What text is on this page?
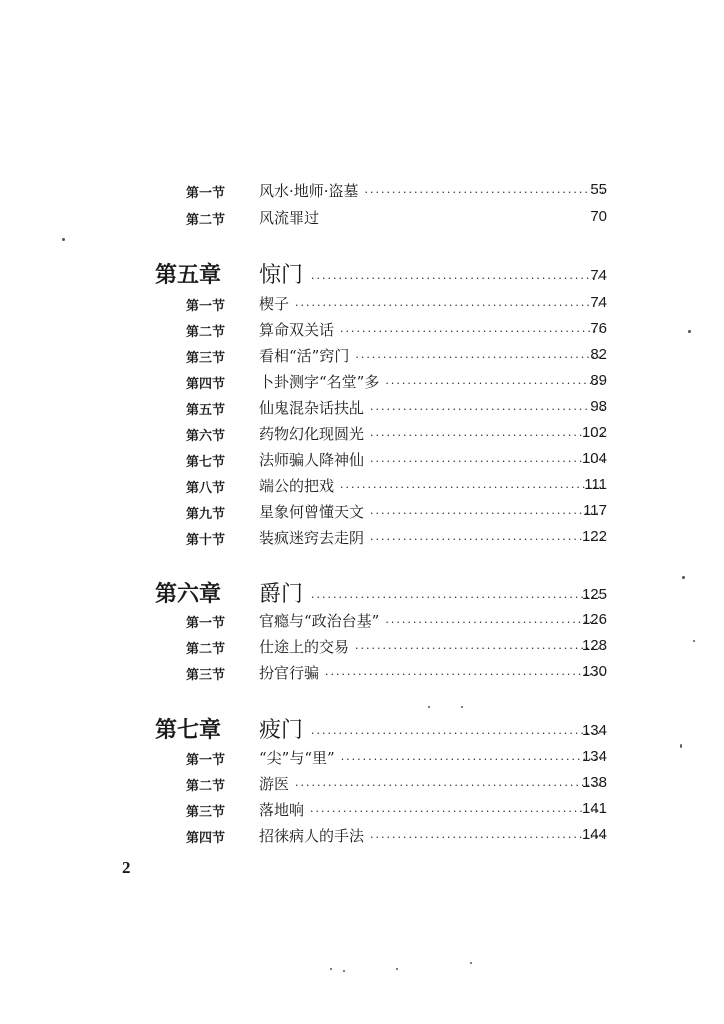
第一节	风水·地师·盗墓 ·····	55
第二节	风流罪过	70
第五章 惊门 ·····	74
第一节	楔子 ·····	74
第二节	算命双关话 ·····	76
第三节	看相“活”窍门 ·····	82
第四节	卜卦测字“名堂”多 ·····	89
第五节	仙鬼混杂话扶乩 ·····	98
第六节	药物幻化现圆光 ·····	102
第七节	法师骗人降神仙 ·····	104
第八节	端公的把戏 ·····	111
第九节	星象何曾懂天文 ·····	117
第十节	装疯迷窍去走阴 ·····	122
第六章 爵门 ·····	125
第一节	官瘾与“政治台基” ·····	126
第二节	仕途上的交易 ·····	128
第三节	扮官行骗 ·····	130
第七章 疲门 ·····	134
第一节	“尖”与“里” ·····	134
第二节	游医 ·····	138
第三节	落地响 ·····	141
第四节	招徕病人的手法 ·····	144
2
